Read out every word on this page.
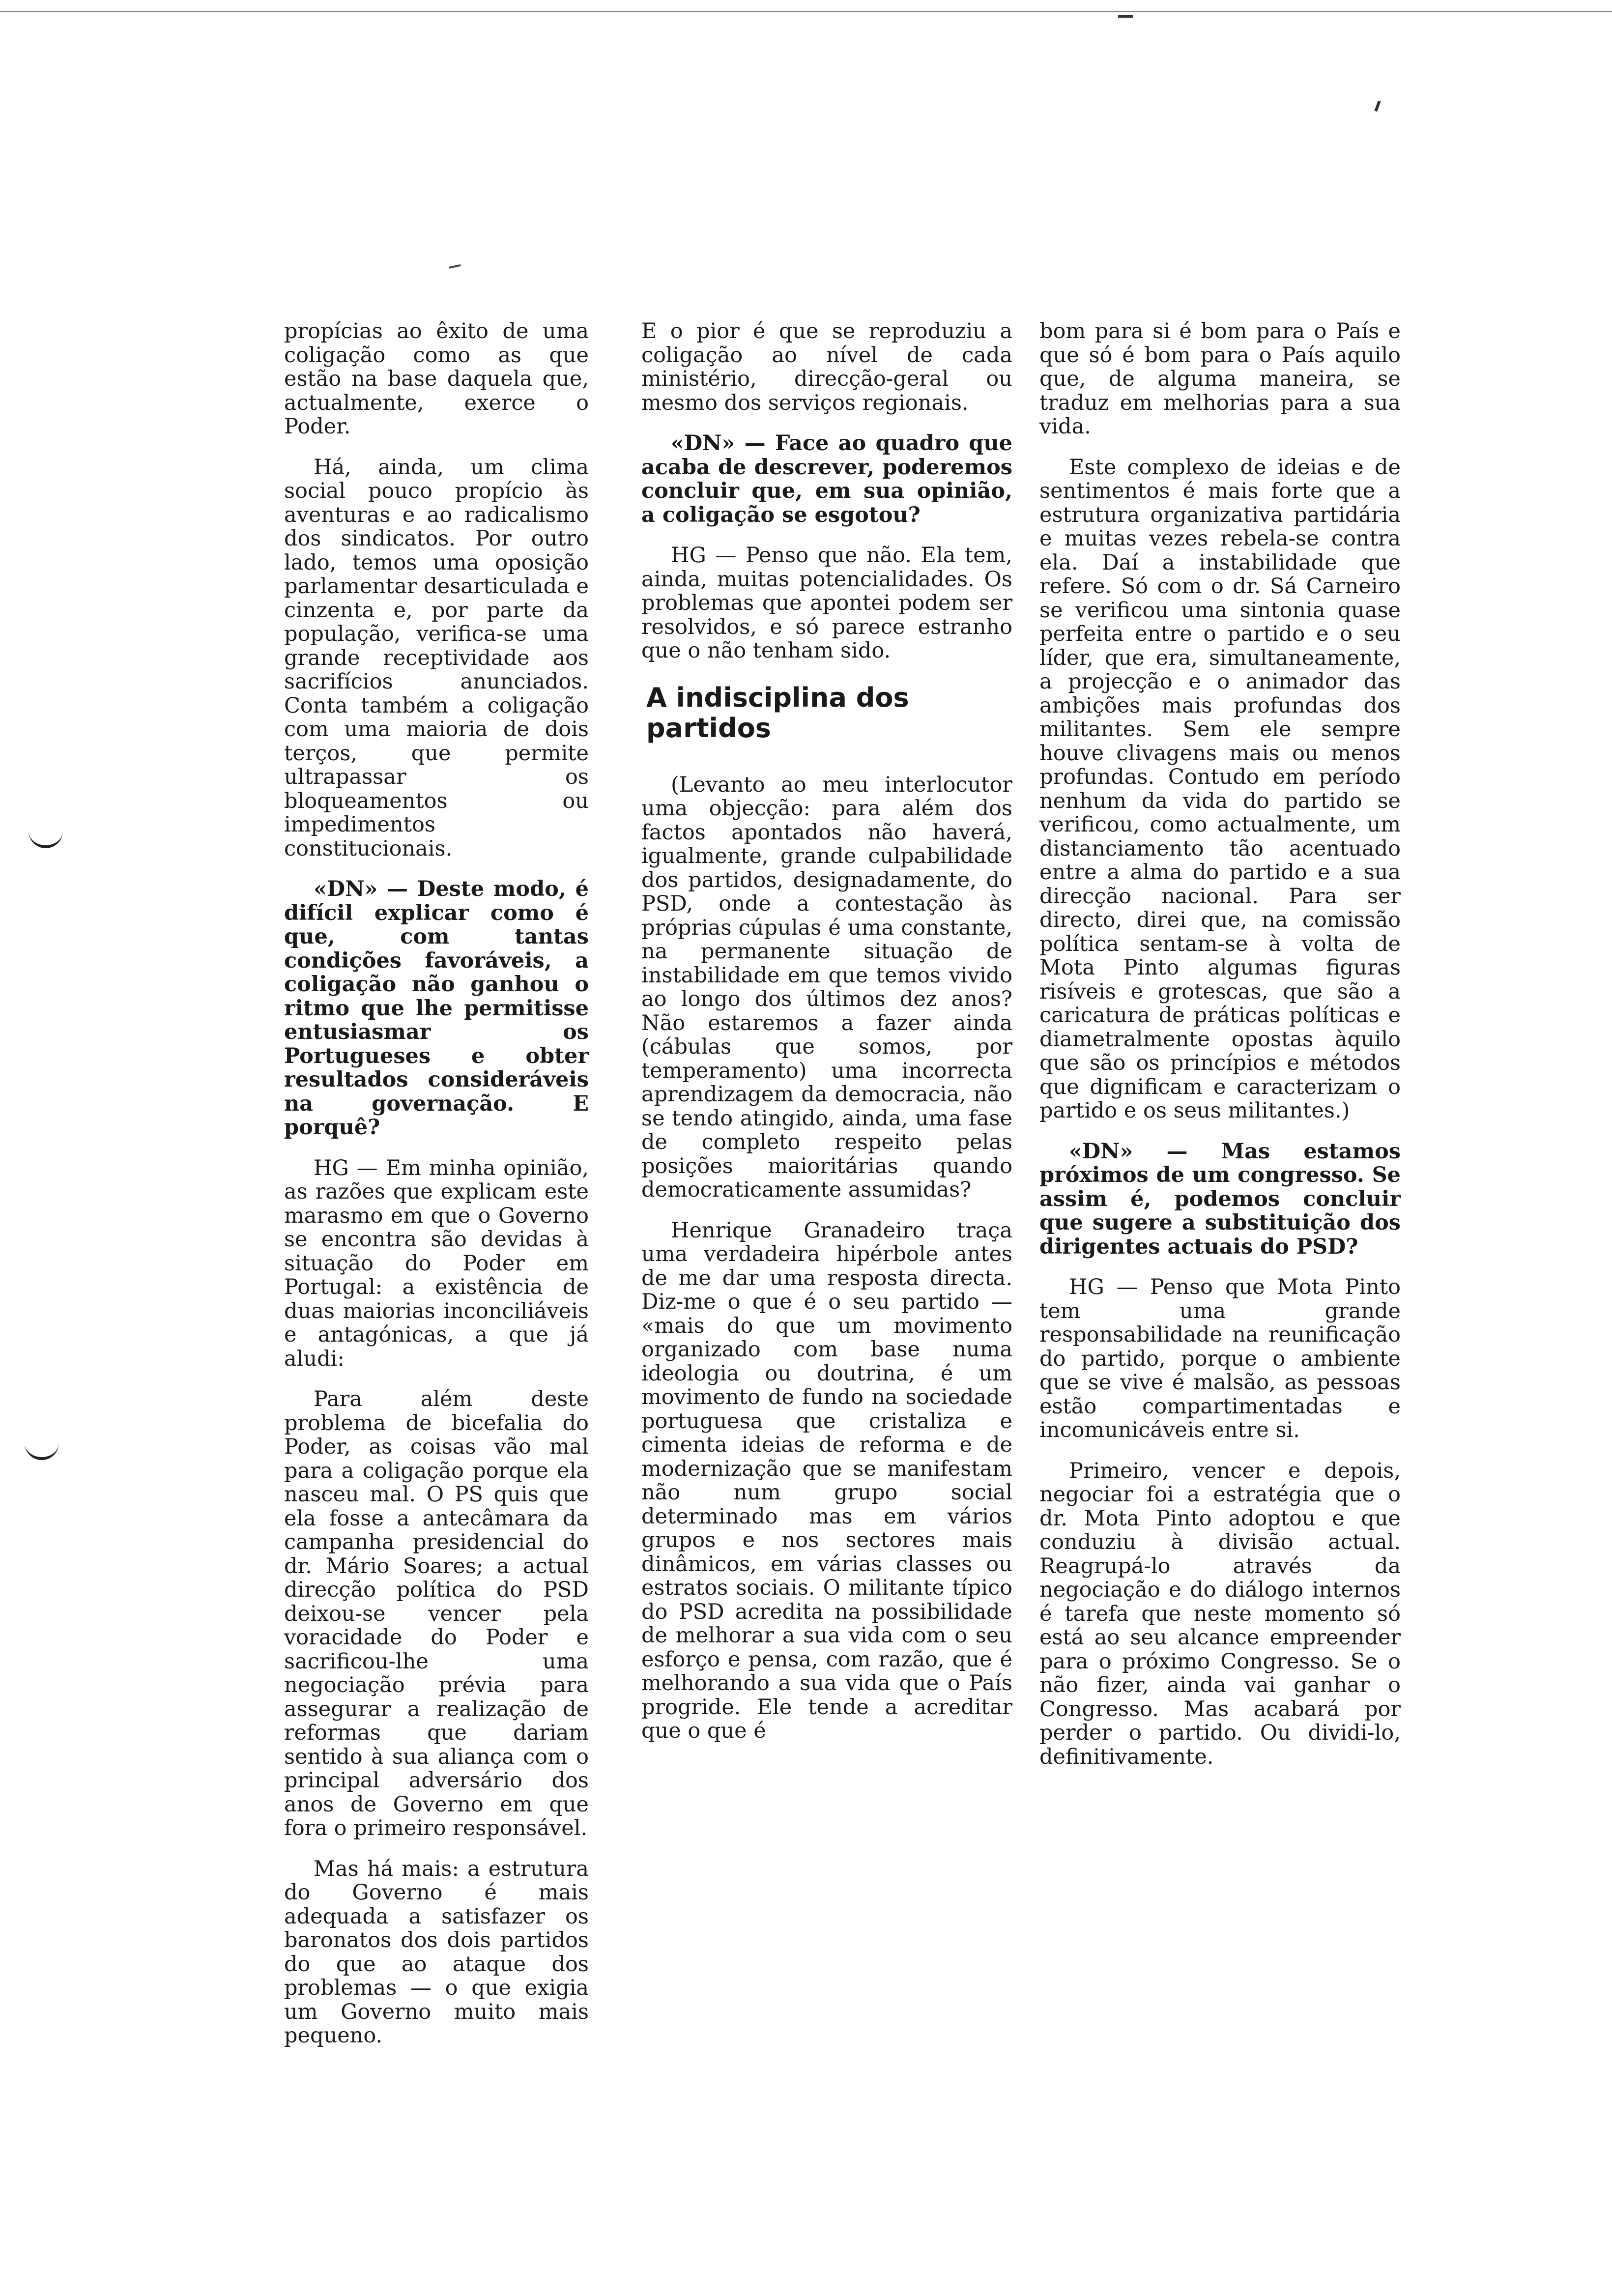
propícias ao êxito de uma coligação como as que estão na base daquela que, actualmente, exerce o Poder.

Há, ainda, um clima social pouco propício às aventuras e ao radicalismo dos sindicatos. Por outro lado, temos uma oposição parlamentar desarticulada e cinzenta e, por parte da população, verifica-se uma grande receptividade aos sacrifícios anunciados. Conta também a coligação com uma maioria de dois terços, que permite ultrapassar os bloqueamentos ou impedimentos constitucionais.

«DN» — Deste modo, é difícil explicar como é que, com tantas condições favoráveis, a coligação não ganhou o ritmo que lhe permitisse entusiasmar os Portugueses e obter resultados consideráveis na governação. E porquê?

HG — Em minha opinião, as razões que explicam este marasmo em que o Governo se encontra são devidas à situação do Poder em Portugal: a existência de duas maiorias inconciliáveis e antagónicas, a que já aludi:

Para além deste problema de bicefalia do Poder, as coisas vão mal para a coligação porque ela nasceu mal. O PS quis que ela fosse a antecâmara da campanha presidencial do dr. Mário Soares; a actual direcção política do PSD deixou-se vencer pela voracidade do Poder e sacrificou-lhe uma negociação prévia para assegurar a realização de reformas que dariam sentido à sua aliança com o principal adversário dos anos de Governo em que fora o primeiro responsável.

Mas há mais: a estrutura do Governo é mais adequada a satisfazer os baronatos dos dois partidos do que ao ataque dos problemas — o que exigia um Governo muito mais pequeno.

E o pior é que se reproduziu a coligação ao nível de cada ministério, direcção-geral ou mesmo dos serviços regionais.

«DN» — Face ao quadro que acaba de descrever, poderemos concluir que, em sua opinião, a coligação se esgotou?

HG — Penso que não. Ela tem, ainda, muitas potencialidades. Os problemas que apontei podem ser resolvidos, e só parece estranho que o não tenham sido.

A indisciplina dos partidos

(Levanto ao meu interlocutor uma objecção: para além dos factos apontados não haverá, igualmente, grande culpabilidade dos partidos, designadamente, do PSD, onde a contestação às próprias cúpulas é uma constante, na permanente situação de instabilidade em que temos vivido ao longo dos últimos dez anos? Não estaremos a fazer ainda (cábulas que somos, por temperamento) uma incorrecta aprendizagem da democracia, não se tendo atingido, ainda, uma fase de completo respeito pelas posições maioritárias quando democraticamente assumidas?

Henrique Granadeiro traça uma verdadeira hipérbole antes de me dar uma resposta directa. Diz-me o que é o seu partido — «mais do que um movimento organizado com base numa ideologia ou doutrina, é um movimento de fundo na sociedade portuguesa que cristaliza e cimenta ideias de reforma e de modernização que se manifestam não num grupo social determinado mas em vários grupos e nos sectores mais dinâmicos, em várias classes ou estratos sociais. O militante típico do PSD acredita na possibilidade de melhorar a sua vida com o seu esforço e pensa, com razão, que é melhorando a sua vida que o País progride. Ele tende a acreditar que o que é

bom para si é bom para o País e que só é bom para o País aquilo que, de alguma maneira, se traduz em melhorias para a sua vida.

Este complexo de ideias e de sentimentos é mais forte que a estrutura organizativa partidária e muitas vezes rebela-se contra ela. Daí a instabilidade que refere. Só com o dr. Sá Carneiro se verificou uma sintonia quase perfeita entre o partido e o seu líder, que era, simultaneamente, a projecção e o animador das ambições mais profundas dos militantes. Sem ele sempre houve clivagens mais ou menos profundas. Contudo em período nenhum da vida do partido se verificou, como actualmente, um distanciamento tão acentuado entre a alma do partido e a sua direcção nacional. Para ser directo, direi que, na comissão política sentam-se à volta de Mota Pinto algumas figuras risíveis e grotescas, que são a caricatura de práticas políticas e diametralmente opostas àquilo que são os princípios e métodos que dignificam e caracterizam o partido e os seus militantes.)

«DN» — Mas estamos próximos de um congresso. Se assim é, podemos concluir que sugere a substituição dos dirigentes actuais do PSD?

HG — Penso que Mota Pinto tem uma grande responsabilidade na reunificação do partido, porque o ambiente que se vive é malsão, as pessoas estão compartimentadas e incomunicáveis entre si.

Primeiro, vencer e depois, negociar foi a estratégia que o dr. Mota Pinto adoptou e que conduziu à divisão actual. Reagrupá-lo através da negociação e do diálogo internos é tarefa que neste momento só está ao seu alcance empreender para o próximo Congresso. Se o não fizer, ainda vai ganhar o Congresso. Mas acabará por perder o partido. Ou dividi-lo, definitivamente.
